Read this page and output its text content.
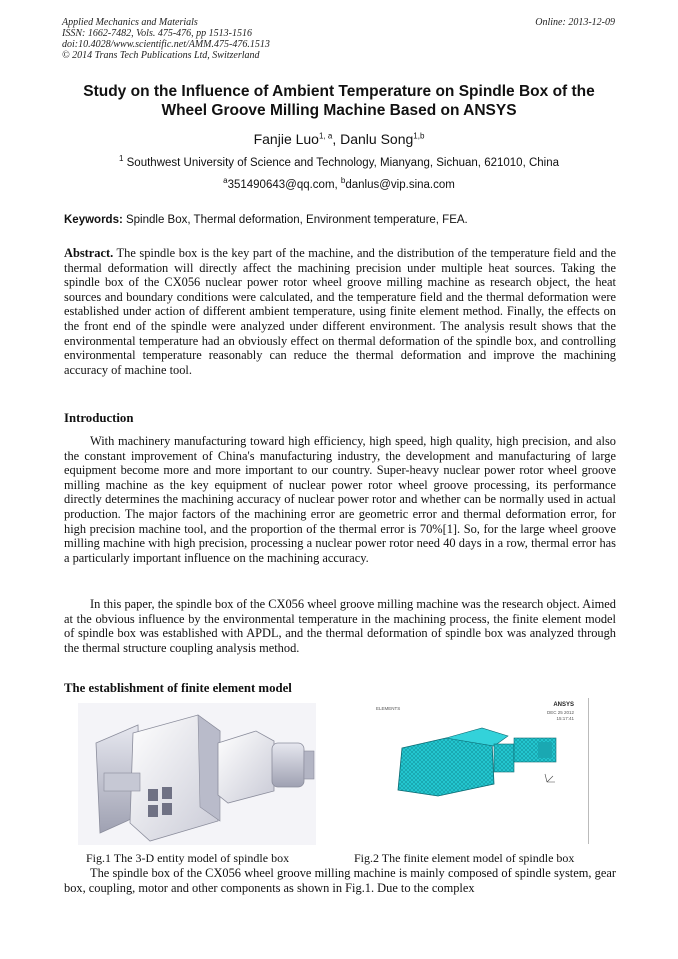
Applied Mechanics and Materials
ISSN: 1662-7482, Vols. 475-476, pp 1513-1516
doi:10.4028/www.scientific.net/AMM.475-476.1513
© 2014 Trans Tech Publications Ltd, Switzerland
Online: 2013-12-09
Study on the Influence of Ambient Temperature on Spindle Box of the
Wheel Groove Milling Machine Based on ANSYS
Fanjie Luo$^{1, a}$, Danlu Song$^{1,b}$
$^1$ Southwest University of Science and Technology, Mianyang, Sichuan, 621010, China
$^a$351490643@qq.com, $^b$danlus@vip.sina.com
Keywords: Spindle Box, Thermal deformation, Environment temperature, FEA.
Abstract. The spindle box is the key part of the machine, and the distribution of the temperature field and the thermal deformation will directly affect the machining precision under multiple heat sources. Taking the spindle box of the CX056 nuclear power rotor wheel groove milling machine as research object, the heat sources and boundary conditions were calculated, and the temperature field and the thermal deformation were established under action of different ambient temperature, using finite element method. Finally, the effects on the front end of the spindle were analyzed under different environment. The analysis result shows that the environmental temperature had an obviously effect on thermal deformation of the spindle box, and controlling environmental temperature reasonably can reduce the thermal deformation and improve the machining accuracy of machine tool.
Introduction
With machinery manufacturing toward high efficiency, high speed, high quality, high precision, and also the constant improvement of China's manufacturing industry, the development and manufacturing of large equipment become more and more important to our country. Super-heavy nuclear power rotor wheel groove milling machine as the key equipment of nuclear power rotor wheel groove processing, its performance directly determines the machining accuracy of nuclear power rotor and whether can be normally used in actual production. The major factors of the machining error are geometric error and thermal deformation error, for high precision machine tool, and the proportion of the thermal error is 70%[1]. So, for the large wheel groove milling machine with high precision, processing a nuclear power rotor need 40 days in a row, thermal error has a particularly important influence on the machining accuracy.
In this paper, the spindle box of the CX056 wheel groove milling machine was the research object. Aimed at the obvious influence by the environmental temperature in the machining process, the finite element model of spindle box was established with APDL, and the thermal deformation of spindle box was analyzed through the thermal structure coupling analysis method.
The establishment of finite element model
ELEMENTS
ANSYS
DEC 25 2012
15:17:41
Fig.1 The 3-D entity model of spindle box	Fig.2 The finite element model of spindle box
The spindle box of the CX056 wheel groove milling machine is mainly composed of spindle system, gear box, coupling, motor and other components as shown in Fig.1. Due to the complex
